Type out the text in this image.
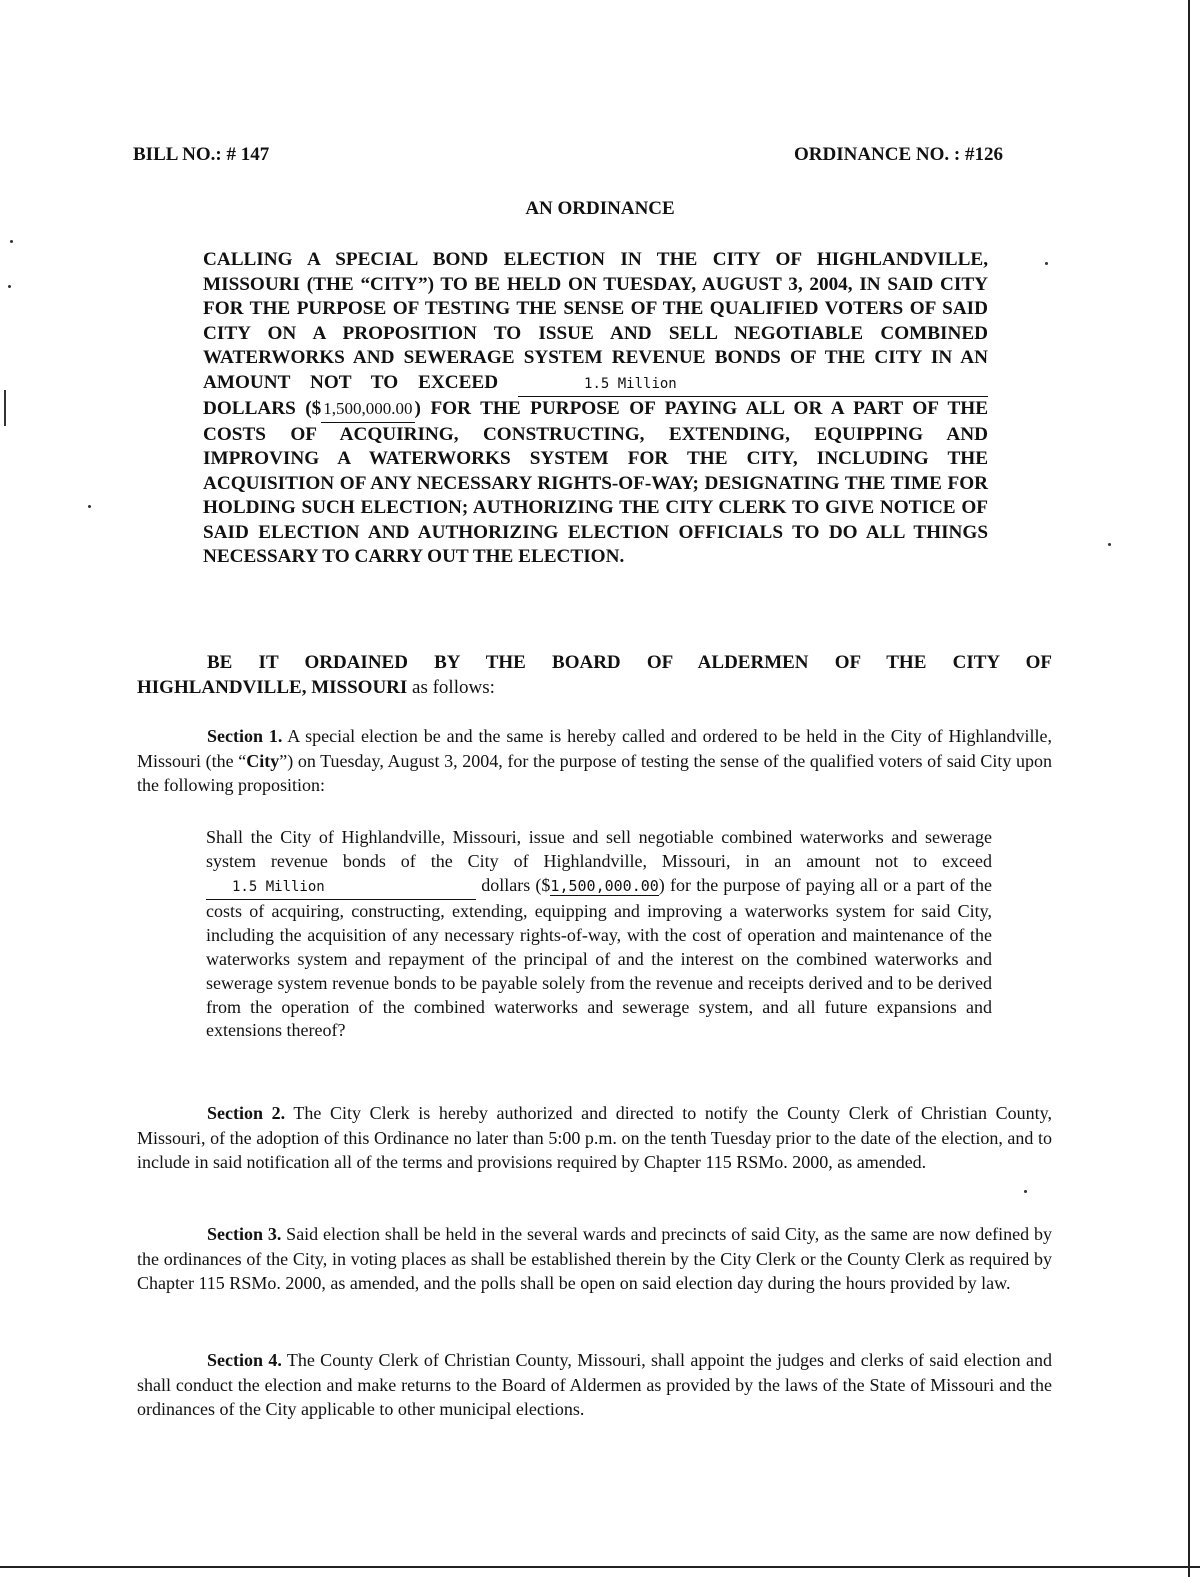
BILL NO.: # 147	ORDINANCE NO. : #126
AN ORDINANCE
CALLING A SPECIAL BOND ELECTION IN THE CITY OF HIGHLANDVILLE, MISSOURI (THE “CITY”) TO BE HELD ON TUESDAY, AUGUST 3, 2004, IN SAID CITY FOR THE PURPOSE OF TESTING THE SENSE OF THE QUALIFIED VOTERS OF SAID CITY ON A PROPOSITION TO ISSUE AND SELL NEGOTIABLE COMBINED WATERWORKS AND SEWERAGE SYSTEM REVENUE BONDS OF THE CITY IN AN AMOUNT NOT TO EXCEED	1.5 Million DOLLARS ($ 1,500,000.00 ) FOR THE PURPOSE OF PAYING ALL OR A PART OF THE COSTS OF ACQUIRING, CONSTRUCTING, EXTENDING, EQUIPPING AND IMPROVING A WATERWORKS SYSTEM FOR THE CITY, INCLUDING THE ACQUISITION OF ANY NECESSARY RIGHTS-OF-WAY; DESIGNATING THE TIME FOR HOLDING SUCH ELECTION; AUTHORIZING THE CITY CLERK TO GIVE NOTICE OF SAID ELECTION AND AUTHORIZING ELECTION OFFICIALS TO DO ALL THINGS NECESSARY TO CARRY OUT THE ELECTION.
BE IT ORDAINED BY THE BOARD OF ALDERMEN OF THE CITY OF
HIGHLANDVILLE, MISSOURI as follows:
Section 1. A special election be and the same is hereby called and ordered to be held in the City of Highlandville, Missouri (the “City”) on Tuesday, August 3, 2004, for the purpose of testing the sense of the qualified voters of said City upon the following proposition:
Shall the City of Highlandville, Missouri, issue and sell negotiable combined waterworks and sewerage system revenue bonds of the City of Highlandville, Missouri, in an amount not to exceed 1.5 Million	dollars ($1,500,000.00) for the purpose of paying all or a part of the costs of acquiring, constructing, extending, equipping and improving a waterworks system for said City, including the acquisition of any necessary rights-of-way, with the cost of operation and maintenance of the waterworks system and repayment of the principal of and the interest on the combined waterworks and sewerage system revenue bonds to be payable solely from the revenue and receipts derived and to be derived from the operation of the combined waterworks and sewerage system, and all future expansions and extensions thereof?
Section 2. The City Clerk is hereby authorized and directed to notify the County Clerk of Christian County, Missouri, of the adoption of this Ordinance no later than 5:00 p.m. on the tenth Tuesday prior to the date of the election, and to include in said notification all of the terms and provisions required by Chapter 115 RSMo. 2000, as amended.
Section 3. Said election shall be held in the several wards and precincts of said City, as the same are now defined by the ordinances of the City, in voting places as shall be established therein by the City Clerk or the County Clerk as required by Chapter 115 RSMo. 2000, as amended, and the polls shall be open on said election day during the hours provided by law.
Section 4. The County Clerk of Christian County, Missouri, shall appoint the judges and clerks of said election and shall conduct the election and make returns to the Board of Aldermen as provided by the laws of the State of Missouri and the ordinances of the City applicable to other municipal elections.
